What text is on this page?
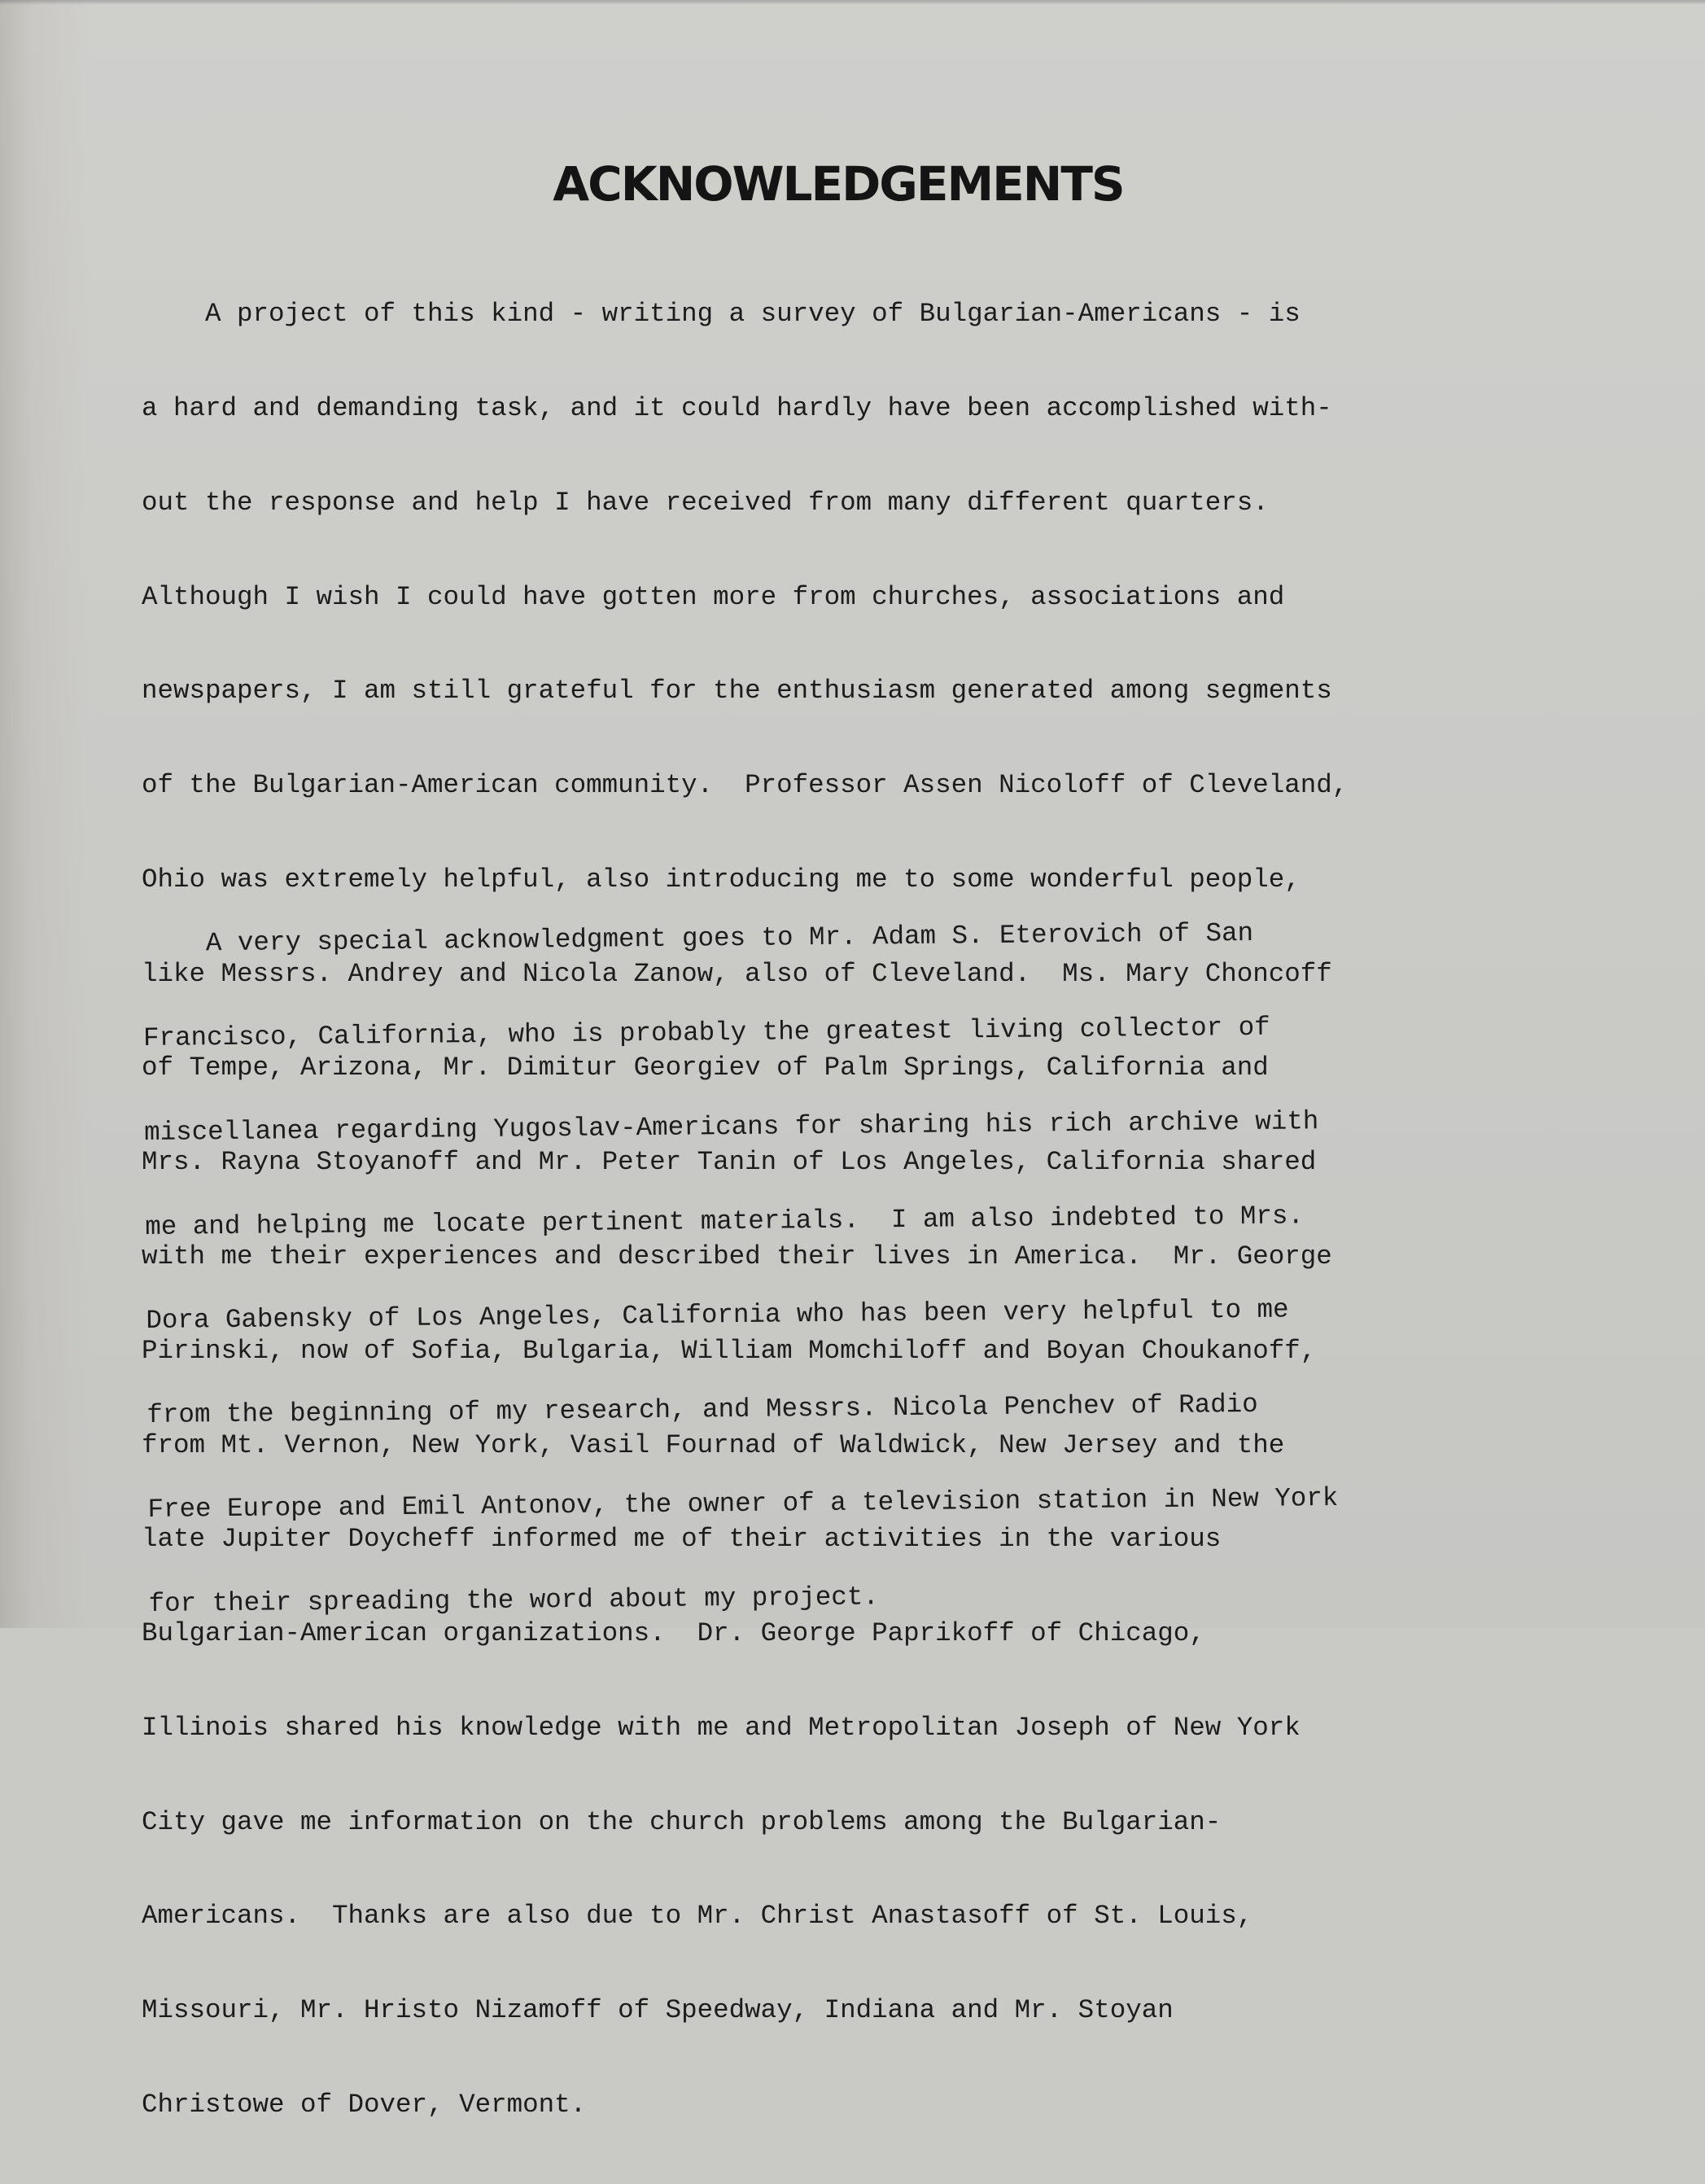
ACKNOWLEDGEMENTS

A project of this kind - writing a survey of Bulgarian-Americans - is

a hard and demanding task, and it could hardly have been accomplished with-

out the response and help I have received from many different quarters.

Although I wish I could have gotten more from churches, associations and

newspapers, I am still grateful for the enthusiasm generated among segments

of the Bulgarian-American community.  Professor Assen Nicoloff of Cleveland,

Ohio was extremely helpful, also introducing me to some wonderful people,

like Messrs. Andrey and Nicola Zanow, also of Cleveland.  Ms. Mary Choncoff

of Tempe, Arizona, Mr. Dimitur Georgiev of Palm Springs, California and

Mrs. Rayna Stoyanoff and Mr. Peter Tanin of Los Angeles, California shared

with me their experiences and described their lives in America.  Mr. George

Pirinski, now of Sofia, Bulgaria, William Momchiloff and Boyan Choukanoff,

from Mt. Vernon, New York, Vasil Fournad of Waldwick, New Jersey and the

late Jupiter Doycheff informed me of their activities in the various

Bulgarian-American organizations.  Dr. George Paprikoff of Chicago,

Illinois shared his knowledge with me and Metropolitan Joseph of New York

City gave me information on the church problems among the Bulgarian-

Americans.  Thanks are also due to Mr. Christ Anastasoff of St. Louis,

Missouri, Mr. Hristo Nizamoff of Speedway, Indiana and Mr. Stoyan

Christowe of Dover, Vermont.

A very special acknowledgment goes to Mr. Adam S. Eterovich of San

Francisco, California, who is probably the greatest living collector of

miscellanea regarding Yugoslav-Americans for sharing his rich archive with

me and helping me locate pertinent materials.  I am also indebted to Mrs.

Dora Gabensky of Los Angeles, California who has been very helpful to me

from the beginning of my research, and Messrs. Nicola Penchev of Radio

Free Europe and Emil Antonov, the owner of a television station in New York

for their spreading the word about my project.
